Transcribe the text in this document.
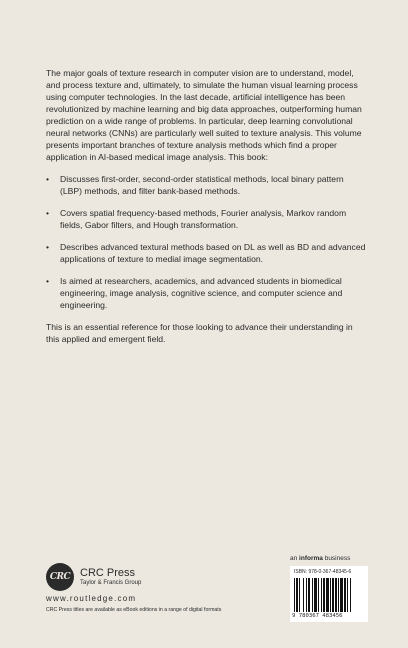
The major goals of texture research in computer vision are to understand, model, and process texture and, ultimately, to simulate the human visual learning process using computer technologies. In the last decade, artificial intelligence has been revolutionized by machine learning and big data approaches, outperforming human prediction on a wide range of problems. In particular, deep learning convolutional neural networks (CNNs) are particularly well suited to texture analysis. This volume presents important branches of texture analysis methods which find a proper application in AI-based medical image analysis. This book:

• Discusses first-order, second-order statistical methods, local binary pattern (LBP) methods, and filter bank-based methods.
• Covers spatial frequency-based methods, Fourier analysis, Markov random fields, Gabor filters, and Hough transformation.
• Describes advanced textural methods based on DL as well as BD and advanced applications of texture to medial image segmentation.
• Is aimed at researchers, academics, and advanced students in biomedical engineering, image analysis, cognitive science, and computer science and engineering.

This is an essential reference for those looking to advance their understanding in this applied and emergent field.

CRC CRC Press
Taylor & Francis Group
www.routledge.com
CRC Press titles are available as eBook editions in a range of digital formats
an informa business
ISBN: 978-0-367-48345-6
9 780367 483456
